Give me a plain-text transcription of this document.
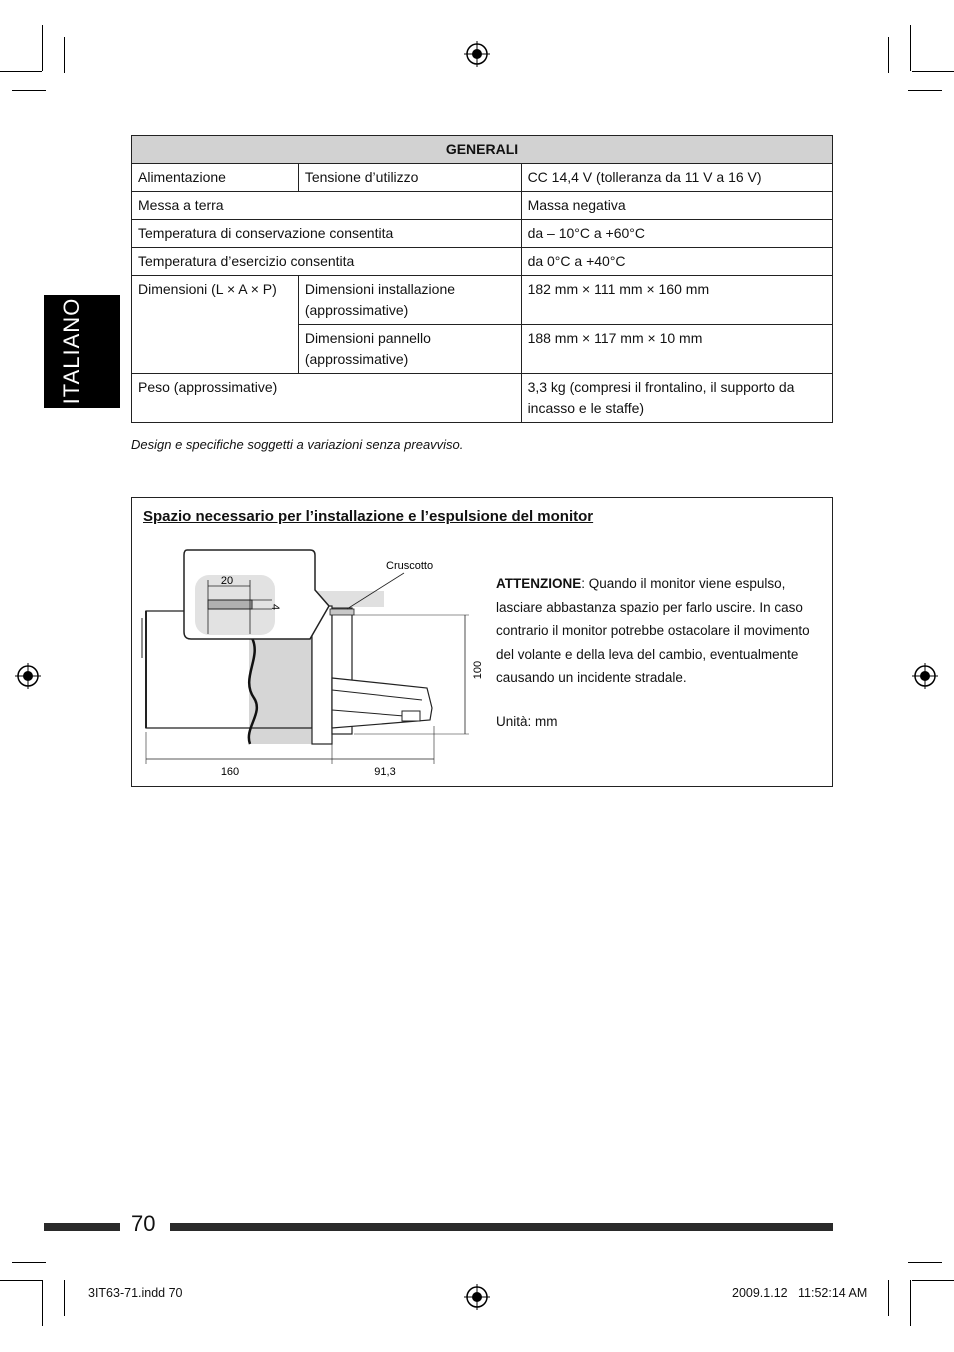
ITALIANO
GENERALI		
Alimentazione	Tensione d’utilizzo	CC 14,4 V (tolleranza da 11 V a 16 V)
Messa a terra		Massa negativa
Temperatura di conservazione consentita		da – 10°C a +60°C
Temperatura d’esercizio consentita		da 0°C a +40°C
Dimensioni (L × A × P)	Dimensioni installazione (approssimative)	182 mm × 111 mm × 160 mm
	Dimensioni pannello (approssimative)	188 mm × 117 mm × 10 mm
Peso (approssimative)		3,3 kg (compresi il frontalino, il supporto da incasso e le staffe)
Design e specifiche soggetti a variazioni senza preavviso.
Spazio necessario per l’installazione e l’espulsione del monitor
20
4
Cruscotto
100
160	91,3
ATTENZIONE: Quando il monitor viene espulso, lasciare abbastanza spazio per farlo uscire. In caso contrario il monitor potrebbe ostacolare il movimento del volante e della leva del cambio, eventualmente causando un incidente stradale.
Unità: mm
70
3IT63-71.indd 70	2009.1.12   11:52:14 AM
